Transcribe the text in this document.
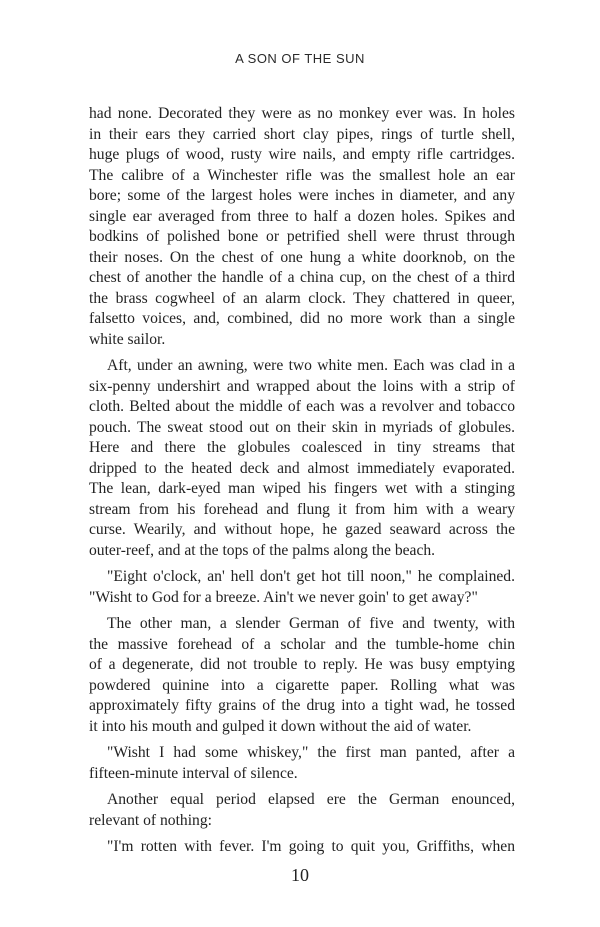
A SON OF THE SUN

had none. Decorated they were as no monkey ever was. In holes
in their ears they carried short clay pipes, rings of turtle shell,
huge plugs of wood, rusty wire nails, and empty rifle cartridges.
The calibre of a Winchester rifle was the smallest hole an ear
bore; some of the largest holes were inches in diameter, and any
single ear averaged from three to half a dozen holes. Spikes and
bodkins of polished bone or petrified shell were thrust through
their noses. On the chest of one hung a white doorknob, on the
chest of another the handle of a china cup, on the chest of a third
the brass cogwheel of an alarm clock. They chattered in queer,
falsetto voices, and, combined, did no more work than a single
white sailor.

Aft, under an awning, were two white men. Each was clad in a
six-penny undershirt and wrapped about the loins with a strip of
cloth. Belted about the middle of each was a revolver and tobacco
pouch. The sweat stood out on their skin in myriads of globules.
Here and there the globules coalesced in tiny streams that
dripped to the heated deck and almost immediately evaporated.
The lean, dark-eyed man wiped his fingers wet with a stinging
stream from his forehead and flung it from him with a weary
curse. Wearily, and without hope, he gazed seaward across the
outer-reef, and at the tops of the palms along the beach.

"Eight o'clock, an' hell don't get hot till noon," he complained.
"Wisht to God for a breeze. Ain't we never goin' to get away?"

The other man, a slender German of five and twenty, with
the massive forehead of a scholar and the tumble-home chin
of a degenerate, did not trouble to reply. He was busy emptying
powdered quinine into a cigarette paper. Rolling what was
approximately fifty grains of the drug into a tight wad, he tossed
it into his mouth and gulped it down without the aid of water.

"Wisht I had some whiskey," the first man panted, after a
fifteen-minute interval of silence.

Another equal period elapsed ere the German enounced,
relevant of nothing:

"I'm rotten with fever. I'm going to quit you, Griffiths, when

10
